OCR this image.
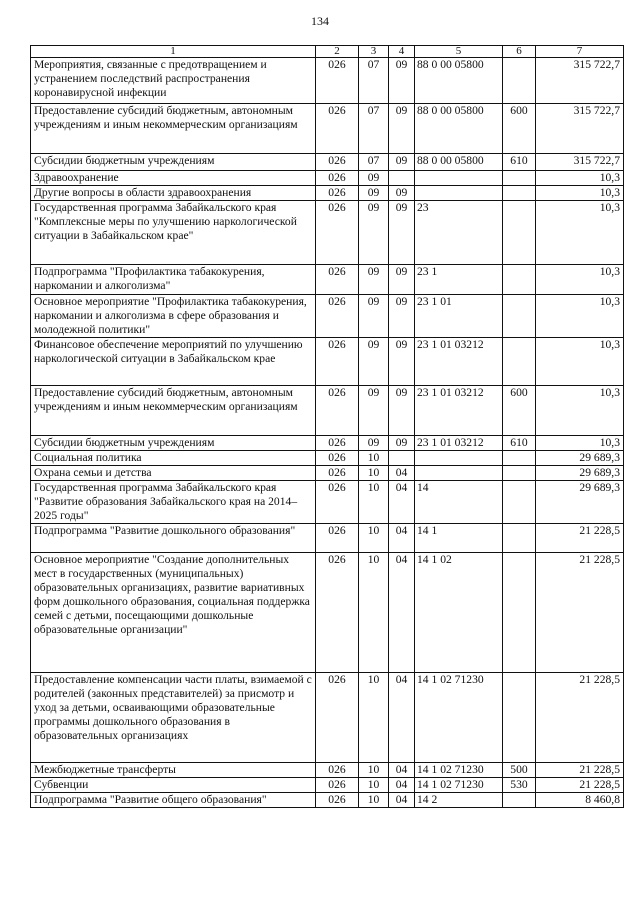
134
1	2	3	4	5	6	7
Мероприятия, связанные с предотвращением и устранением последствий распространения коронавирусной инфекции	026	07	09	88 0 00 05800		315 722,7
Предоставление субсидий бюджетным, автономным учреждениям и иным некоммерческим организациям	026	07	09	88 0 00 05800	600	315 722,7
Субсидии бюджетным учреждениям	026	07	09	88 0 00 05800	610	315 722,7
Здравоохранение	026	09				10,3
Другие вопросы в области здравоохранения	026	09	09			10,3
Государственная программа Забайкальского края "Комплексные меры по улучшению наркологической ситуации в Забайкальском крае"	026	09	09	23		10,3
Подпрограмма "Профилактика табакокурения, наркомании и алкоголизма"	026	09	09	23 1		10,3
Основное мероприятие "Профилактика табакокурения, наркомании и алкоголизма в сфере образования и молодежной политики"	026	09	09	23 1 01		10,3
Финансовое обеспечение мероприятий по улучшению наркологической ситуации в Забайкальском крае	026	09	09	23 1 01 03212		10,3
Предоставление субсидий бюджетным, автономным учреждениям и иным некоммерческим организациям	026	09	09	23 1 01 03212	600	10,3
Субсидии бюджетным учреждениям	026	09	09	23 1 01 03212	610	10,3
Социальная политика	026	10				29 689,3
Охрана семьи и детства	026	10	04			29 689,3
Государственная программа Забайкальского края "Развитие образования Забайкальского края на 2014–2025 годы"	026	10	04	14		29 689,3
Подпрограмма "Развитие дошкольного образования"	026	10	04	14 1		21 228,5
Основное мероприятие "Создание дополнительных мест в государственных (муниципальных) образовательных организациях, развитие вариативных форм дошкольного образования, социальная поддержка семей с детьми, посещающими дошкольные образовательные организации"	026	10	04	14 1 02		21 228,5
Предоставление компенсации части платы, взимаемой с родителей (законных представителей) за присмотр и уход за детьми, осваивающими образовательные программы дошкольного образования в образовательных организациях	026	10	04	14 1 02 71230		21 228,5
Межбюджетные трансферты	026	10	04	14 1 02 71230	500	21 228,5
Субвенции	026	10	04	14 1 02 71230	530	21 228,5
Подпрограмма "Развитие общего образования"	026	10	04	14 2		8 460,8
